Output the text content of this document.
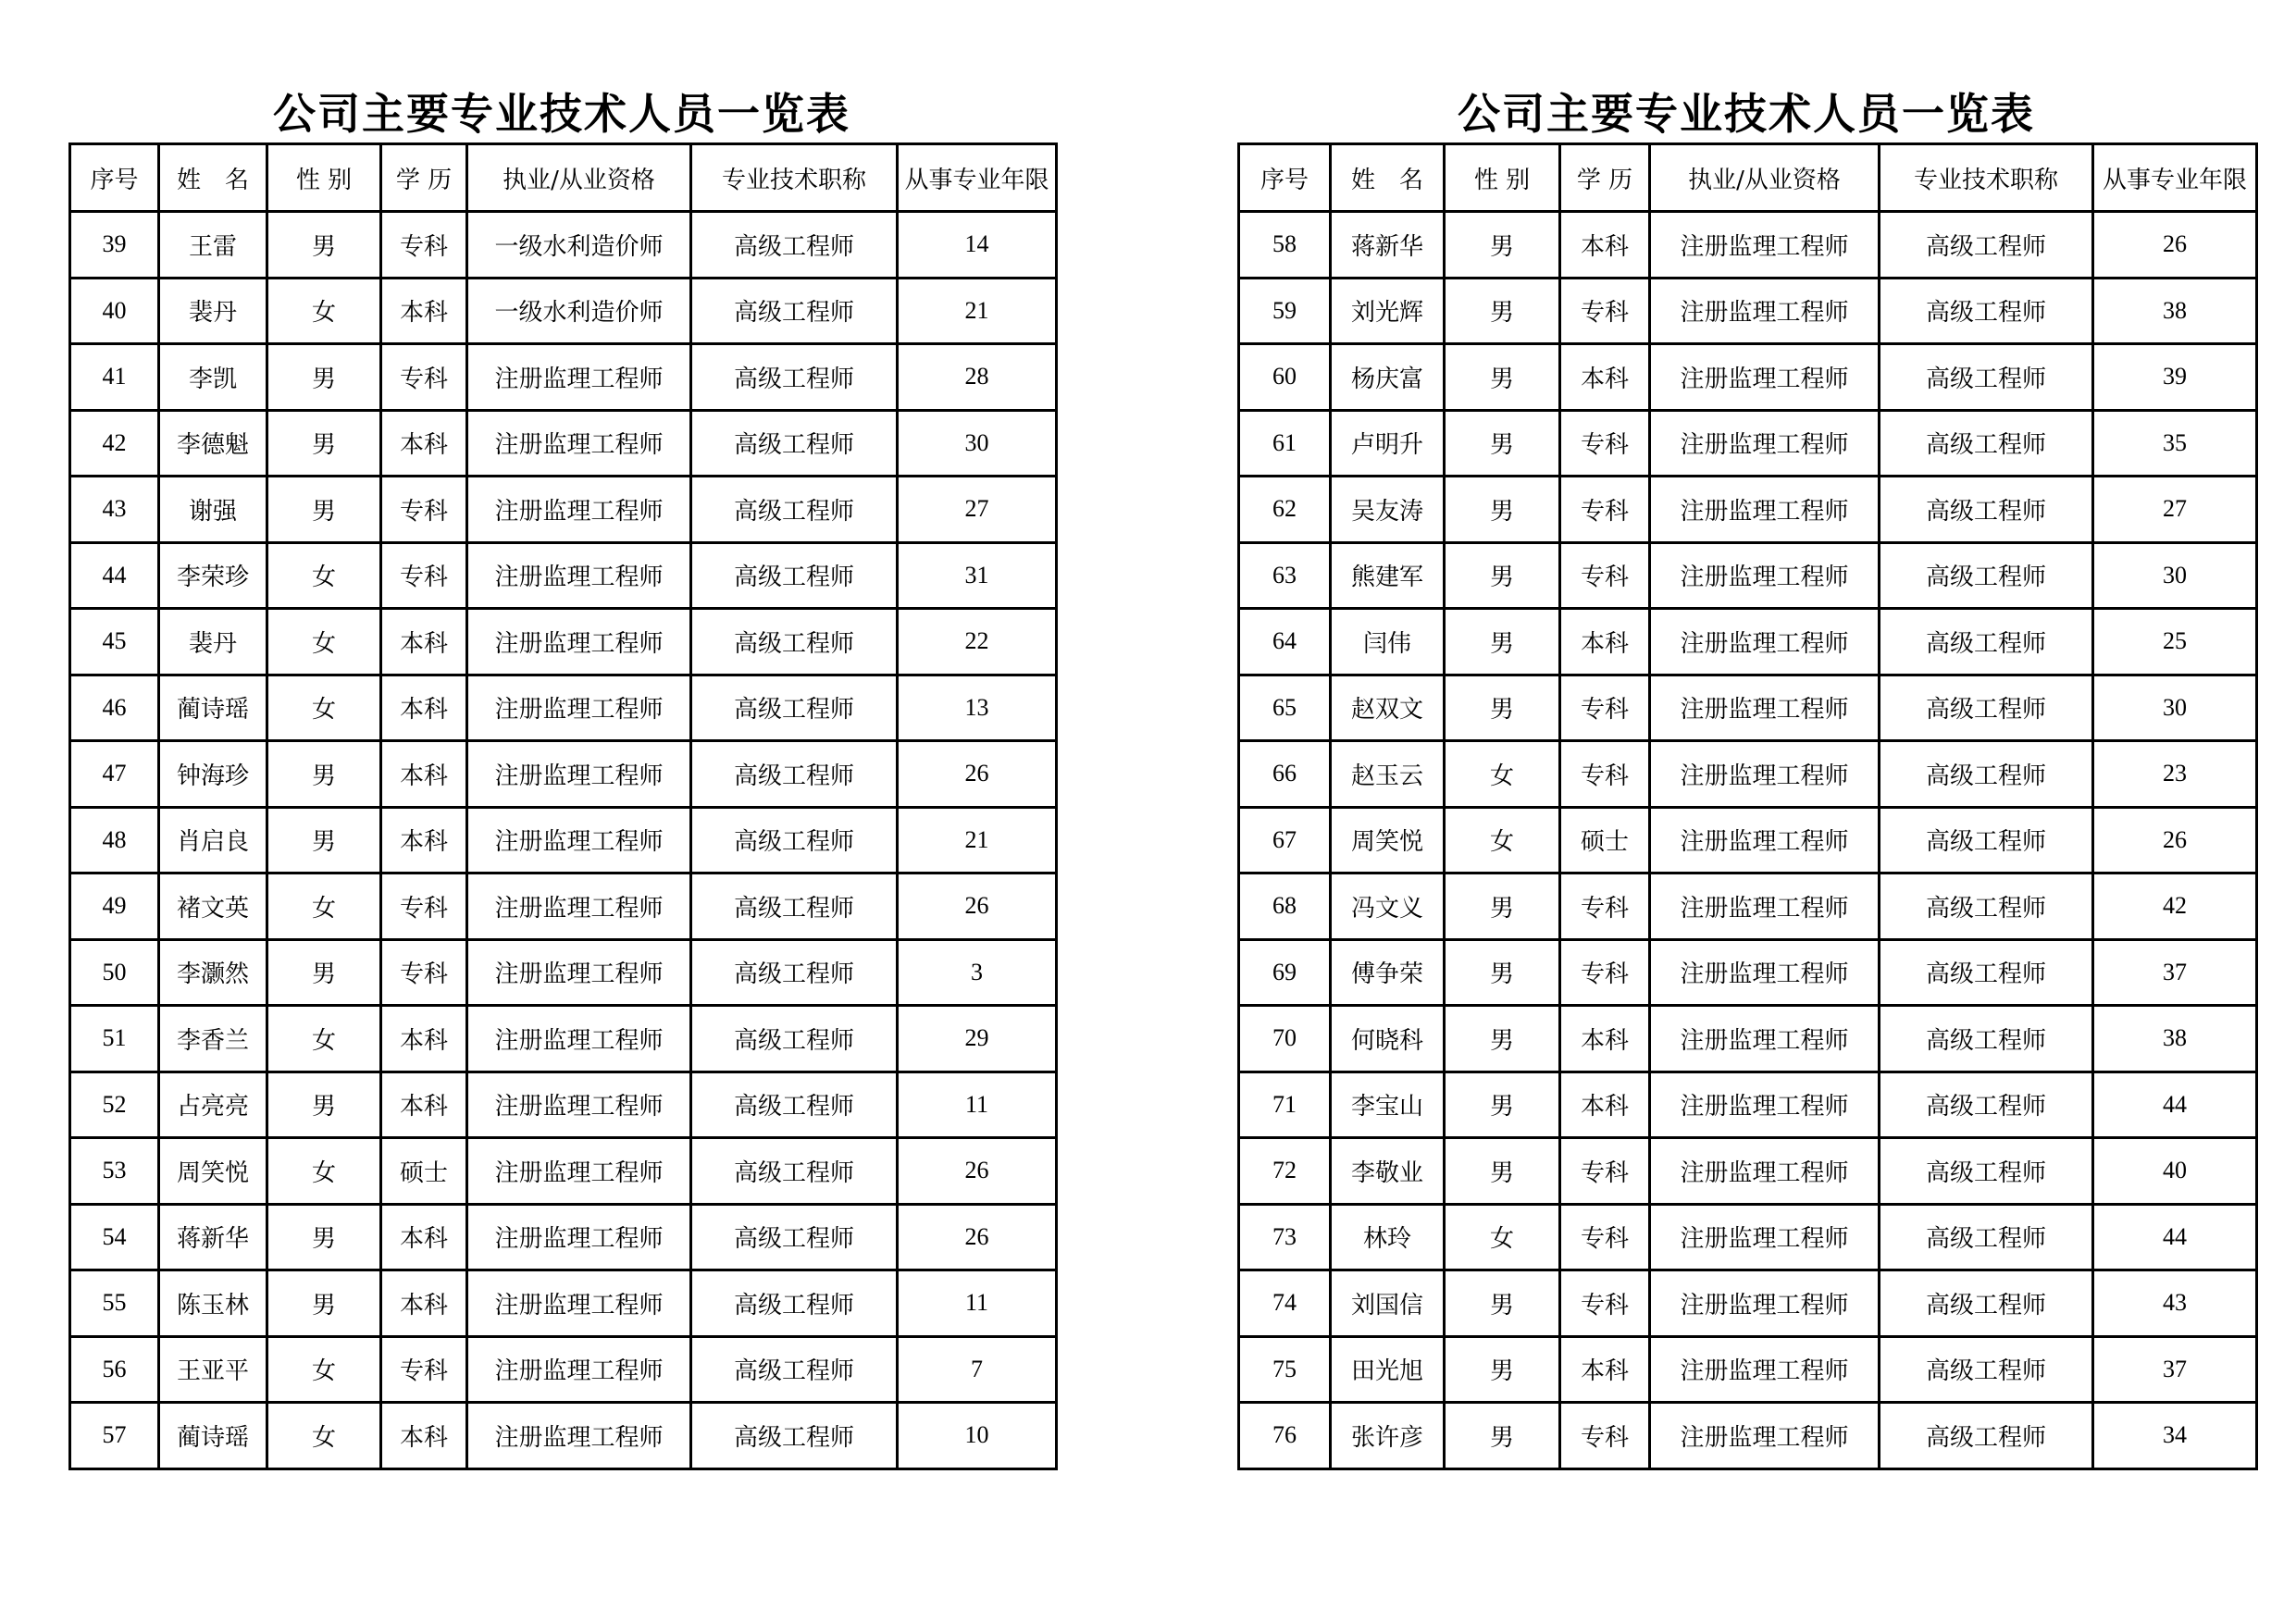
公司主要专业技术人员一览表
序号	姓　名	性 别	学 历	执业/从业资格	专业技术职称	从事专业年限
39	王雷	男	专科	一级水利造价师	高级工程师	14
40	裴丹	女	本科	一级水利造价师	高级工程师	21
41	李凯	男	专科	注册监理工程师	高级工程师	28
42	李德魁	男	本科	注册监理工程师	高级工程师	30
43	谢强	男	专科	注册监理工程师	高级工程师	27
44	李荣珍	女	专科	注册监理工程师	高级工程师	31
45	裴丹	女	本科	注册监理工程师	高级工程师	22
46	蔺诗瑶	女	本科	注册监理工程师	高级工程师	13
47	钟海珍	男	本科	注册监理工程师	高级工程师	26
48	肖启良	男	本科	注册监理工程师	高级工程师	21
49	褚文英	女	专科	注册监理工程师	高级工程师	26
50	李灏然	男	专科	注册监理工程师	高级工程师	3
51	李香兰	女	本科	注册监理工程师	高级工程师	29
52	占亮亮	男	本科	注册监理工程师	高级工程师	11
53	周笑悦	女	硕士	注册监理工程师	高级工程师	26
54	蒋新华	男	本科	注册监理工程师	高级工程师	26
55	陈玉林	男	本科	注册监理工程师	高级工程师	11
56	王亚平	女	专科	注册监理工程师	高级工程师	7
57	蔺诗瑶	女	本科	注册监理工程师	高级工程师	10
公司主要专业技术人员一览表
序号	姓　名	性 别	学 历	执业/从业资格	专业技术职称	从事专业年限
58	蒋新华	男	本科	注册监理工程师	高级工程师	26
59	刘光辉	男	专科	注册监理工程师	高级工程师	38
60	杨庆富	男	本科	注册监理工程师	高级工程师	39
61	卢明升	男	专科	注册监理工程师	高级工程师	35
62	吴友涛	男	专科	注册监理工程师	高级工程师	27
63	熊建军	男	专科	注册监理工程师	高级工程师	30
64	闫伟	男	本科	注册监理工程师	高级工程师	25
65	赵双文	男	专科	注册监理工程师	高级工程师	30
66	赵玉云	女	专科	注册监理工程师	高级工程师	23
67	周笑悦	女	硕士	注册监理工程师	高级工程师	26
68	冯文义	男	专科	注册监理工程师	高级工程师	42
69	傅争荣	男	专科	注册监理工程师	高级工程师	37
70	何晓科	男	本科	注册监理工程师	高级工程师	38
71	李宝山	男	本科	注册监理工程师	高级工程师	44
72	李敬业	男	专科	注册监理工程师	高级工程师	40
73	林玲	女	专科	注册监理工程师	高级工程师	44
74	刘国信	男	专科	注册监理工程师	高级工程师	43
75	田光旭	男	本科	注册监理工程师	高级工程师	37
76	张许彦	男	专科	注册监理工程师	高级工程师	34
